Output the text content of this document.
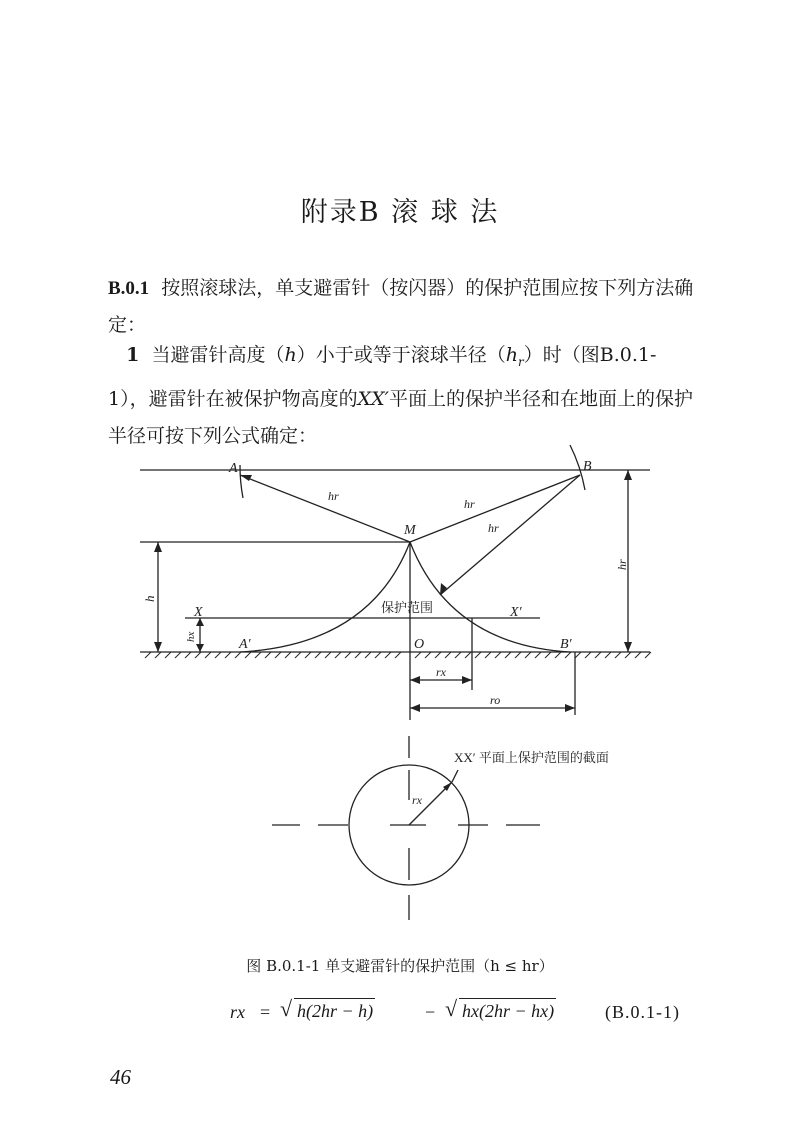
附录B 滚 球 法

B.0.1 按照滚球法，单支避雷针（按闪器）的保护范围应按下列方法确定：

1 当避雷针高度（h）小于或等于滚球半径$(h_r)$时（图B.0.1-1），避雷针在被保护物高度的XX′平面上的保护半径和在地面上的保护半径可按下列公式确定：

A	B
M
X	X′
A′	B′
O
hr
hr
hr
hr
h
hx
rx
ro
rx
保护范围
XX′ 平面上保护范围的截面
图 B.0.1-1 单支避雷针的保护范围（h ≤ hr）
rx = √ h(2hr − h)	− √ hx(2hr − hx)	(B.0.1-1)
46
